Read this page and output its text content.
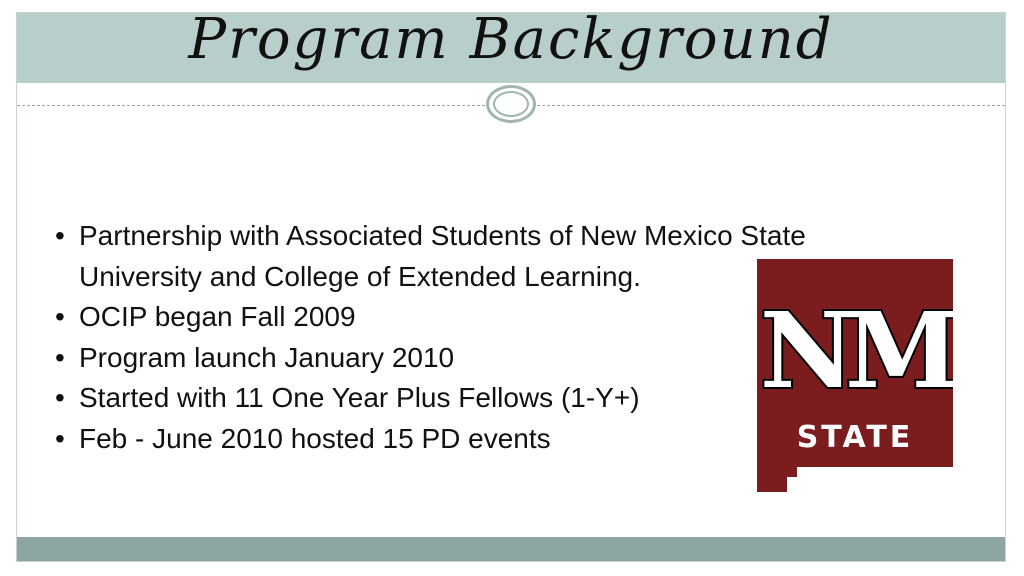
Program Background
• Partnership with Associated Students of New Mexico State University and College of Extended Learning.
• OCIP began Fall 2009
• Program launch January 2010
• Started with 11 One Year Plus Fellows (1-Y+)
• Feb - June 2010 hosted 15 PD events
NM
STATE
